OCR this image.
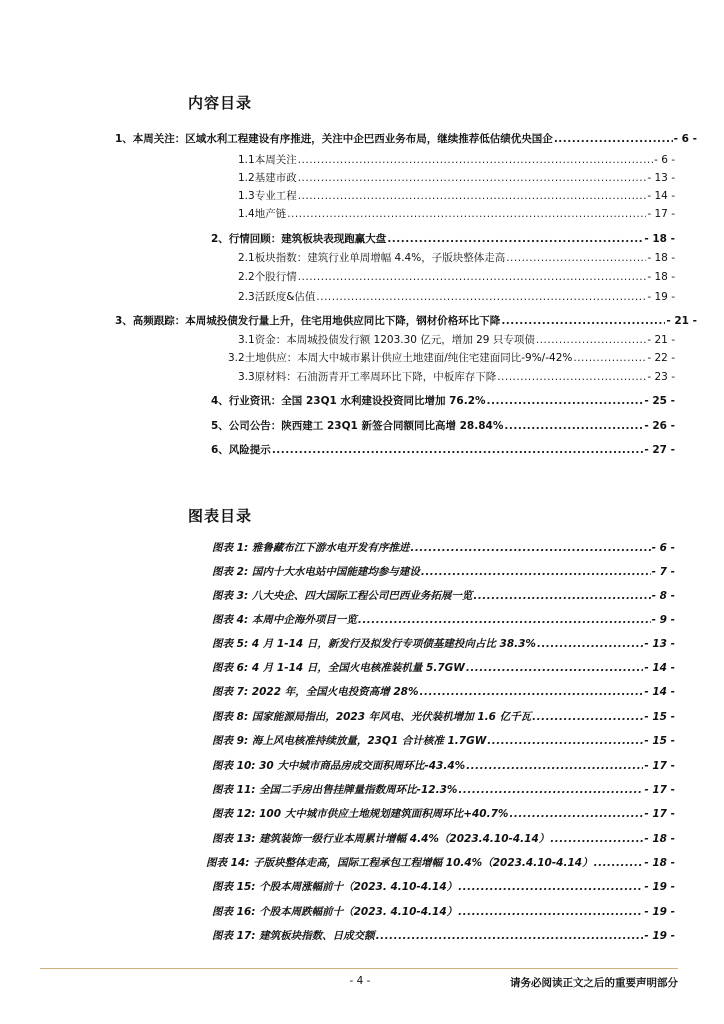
内容目录
1、本周关注：区域水利工程建设有序推进，关注中企巴西业务布局，继续推荐低估绩优央国企 .....	- 6 -
1.1本周关注 .....	- 6 -
1.2基建市政 .....	- 13 -
1.3专业工程 .....	- 14 -
1.4地产链 .....	- 17 -
2、行情回顾：建筑板块表现跑赢大盘 .....	- 18 -
2.1板块指数：建筑行业单周增幅 4.4%，子版块整体走高 .....	- 18 -
2.2个股行情 .....	- 18 -
2.3活跃度&估值 .....	- 19 -
3、高频跟踪：本周城投债发行量上升，住宅用地供应同比下降，钢材价格环比下降 .....	- 21 -
3.1资金：本周城投债发行额 1203.30 亿元，增加 29 只专项债 .....	- 21 -
3.2土地供应：本周大中城市累计供应土地建面/纯住宅建面同比-9%/-42% .....	- 22 -
3.3原材料：石油沥青开工率周环比下降，中板库存下降 .....	- 23 -
4、行业资讯：全国 23Q1 水利建设投资同比增加 76.2% .....	- 25 -
5、公司公告：陕西建工 23Q1 新签合同额同比高增 28.84% .....	- 26 -
6、风险提示 .....	- 27 -
图表目录
图表 1: 雅鲁藏布江下游水电开发有序推进 .....	- 6 -
图表 2: 国内十大水电站中国能建均参与建设 .....	- 7 -
图表 3: 八大央企、四大国际工程公司巴西业务拓展一览 .....	- 8 -
图表 4: 本周中企海外项目一览 .....	- 9 -
图表 5: 4 月 1-14 日，新发行及拟发行专项债基建投向占比 38.3% .....	- 13 -
图表 6: 4 月 1-14 日，全国火电核准装机量 5.7GW .....	- 14 -
图表 7: 2022 年，全国火电投资高增 28% .....	- 14 -
图表 8: 国家能源局指出，2023 年风电、光伏装机增加 1.6 亿千瓦 .....	- 15 -
图表 9: 海上风电核准持续放量，23Q1 合计核准 1.7GW .....	- 15 -
图表 10: 30 大中城市商品房成交面积周环比-43.4% .....	- 17 -
图表 11: 全国二手房出售挂牌量指数周环比-12.3% .....	- 17 -
图表 12: 100 大中城市供应土地规划建筑面积周环比+40.7% .....	- 17 -
图表 13: 建筑装饰一级行业本周累计增幅 4.4%（2023.4.10-4.14） .....	- 18 -
图表 14: 子版块整体走高，国际工程承包工程增幅 10.4%（2023.4.10-4.14） .....	- 18 -
图表 15: 个股本周涨幅前十（2023. 4.10-4.14） .....	- 19 -
图表 16: 个股本周跌幅前十（2023. 4.10-4.14） .....	- 19 -
图表 17: 建筑板块指数、日成交额 .....	- 19 -
- 4 -	请务必阅读正文之后的重要声明部分
